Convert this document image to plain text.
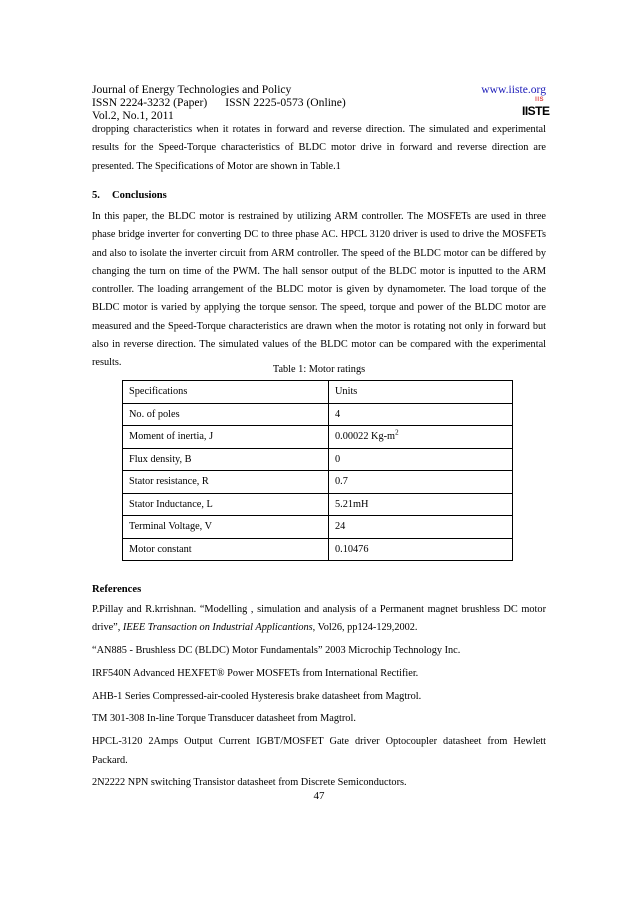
Journal of Energy Technologies and Policy
ISSN 2224-3232 (Paper) ISSN 2225-0573 (Online)
Vol.2, No.1, 2011
www.iiste.org
IIS
IISTE
dropping characteristics when it rotates in forward and reverse direction. The simulated and experimental results for the Speed-Torque characteristics of BLDC motor drive in forward and reverse direction are presented. The Specifications of Motor are shown in Table.1
5. Conclusions
In this paper, the BLDC motor is restrained by utilizing ARM controller. The MOSFETs are used in three phase bridge inverter for converting DC to three phase AC. HPCL 3120 driver is used to drive the MOSFETs and also to isolate the inverter circuit from ARM controller. The speed of the BLDC motor can be differed by changing the turn on time of the PWM. The hall sensor output of the BLDC motor is inputted to the ARM controller. The loading arrangement of the BLDC motor is given by dynamometer. The load torque of the BLDC motor is varied by applying the torque sensor. The speed, torque and power of the BLDC motor are measured and the Speed-Torque characteristics are drawn when the motor is rotating not only in forward but also in reverse direction. The simulated values of the BLDC motor can be compared with the experimental results.
Table 1: Motor ratings
Specifications	Units
No. of poles	4
Moment of inertia, J	0.00022 $Kg-m^2$
Flux density, B	0
Stator resistance, R	0.7
Stator Inductance, L	5.21mH
Terminal Voltage, V	24
Motor constant	0.10476
References
P.Pillay and R.krrishnan. “Modelling , simulation and analysis of a Permanent magnet brushless DC motor drive”, IEEE Transaction on Industrial Applicantions, Vol26, pp124-129,2002.
“AN885 - Brushless DC (BLDC) Motor Fundamentals” 2003 Microchip Technology Inc.
IRF540N Advanced HEXFET® Power MOSFETs from International Rectifier.
AHB-1 Series Compressed-air-cooled Hysteresis brake datasheet from Magtrol.
TM 301-308 In-line Torque Transducer datasheet from Magtrol.
HPCL-3120 2Amps Output Current IGBT/MOSFET Gate driver Optocoupler datasheet from Hewlett Packard.
2N2222 NPN switching Transistor datasheet from Discrete Semiconductors.
47
